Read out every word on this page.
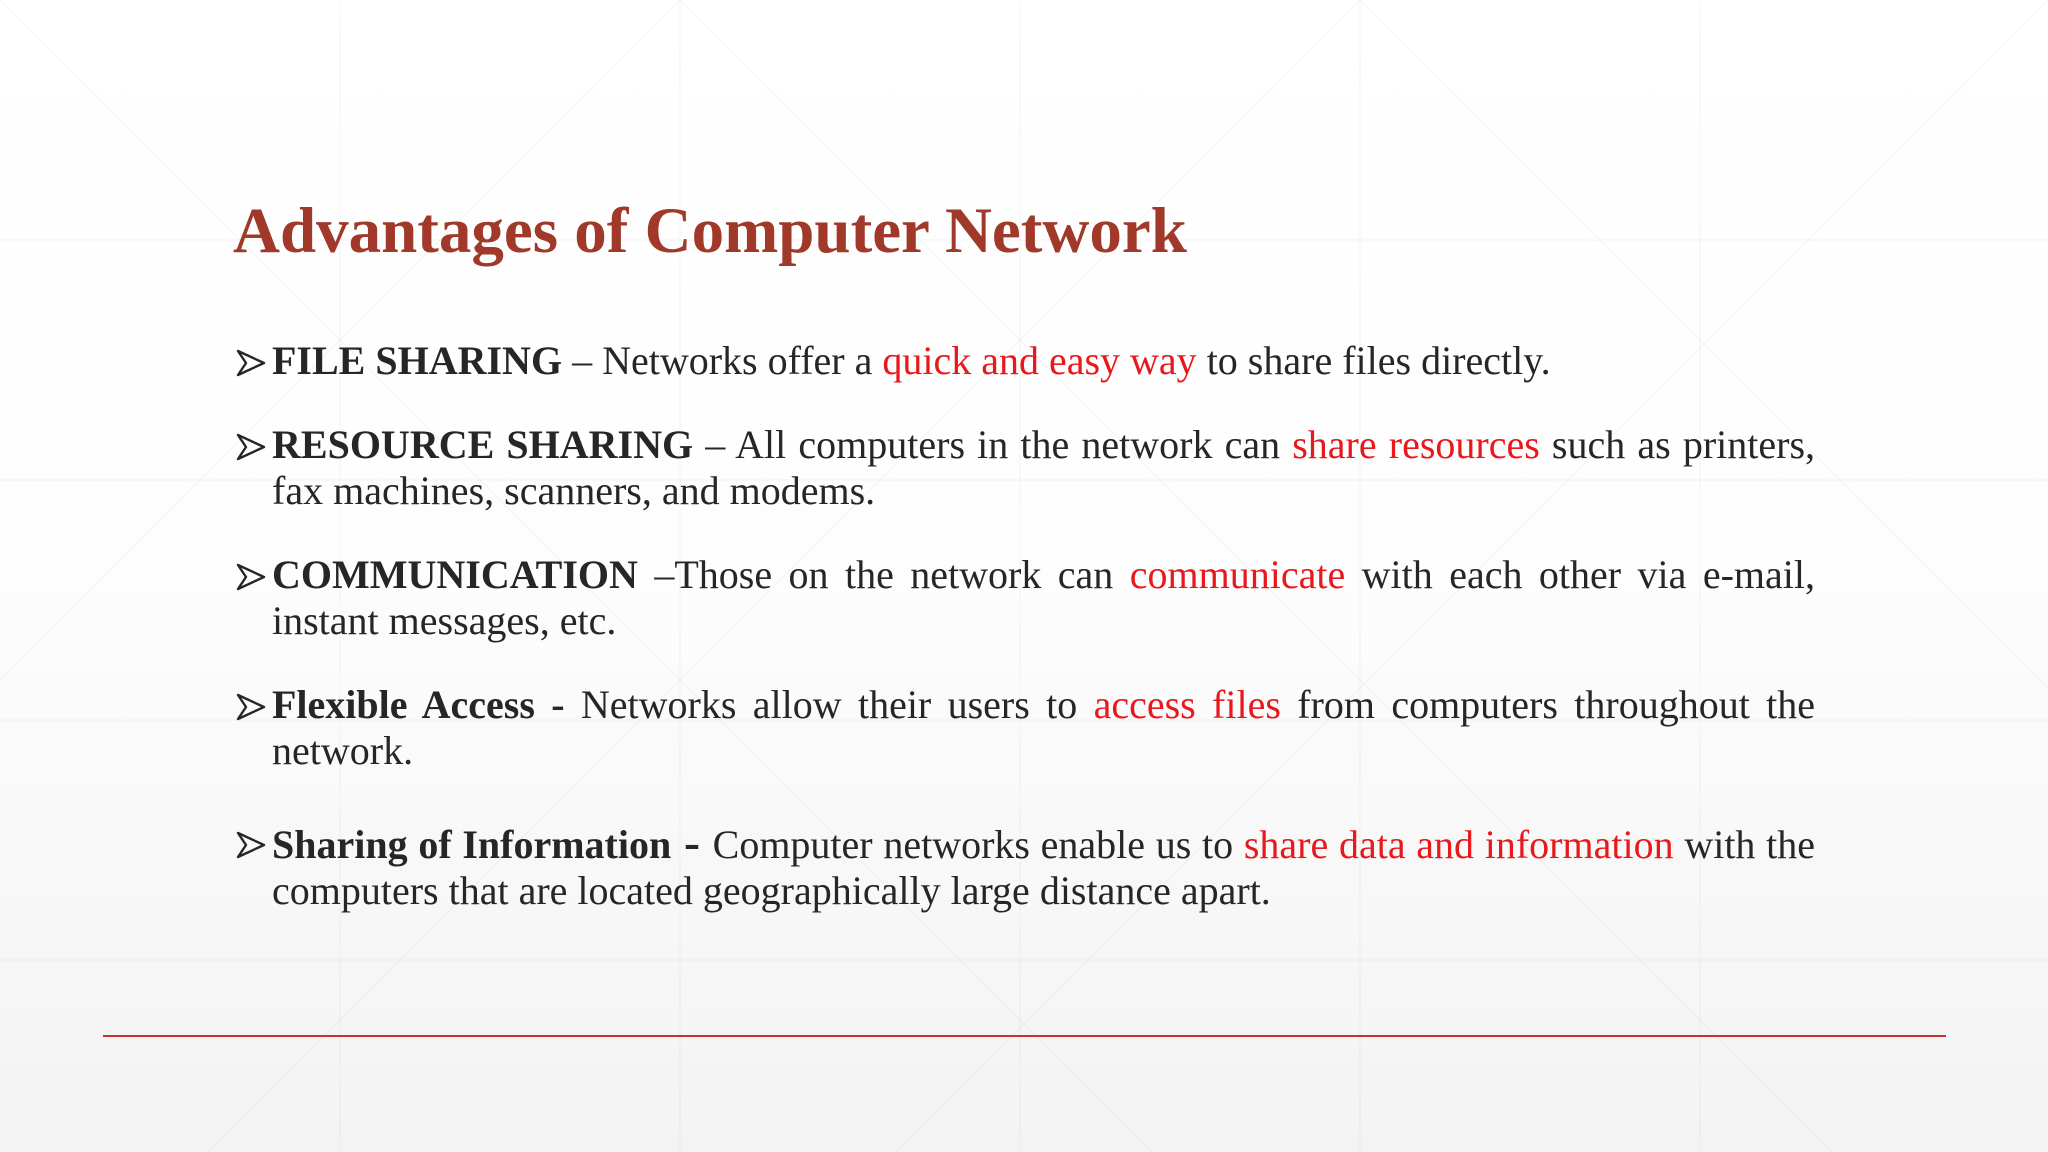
Advantages of Computer Network
FILE SHARING – Networks offer a quick and easy way to share files directly.
RESOURCE SHARING – All computers in the network can share resources such as printers, fax machines, scanners, and modems.
COMMUNICATION –Those on the network can communicate with each other via e-mail, instant messages, etc.
Flexible Access - Networks allow their users to access files from computers throughout the network.
Sharing of Information - Computer networks enable us to share data and information with the computers that are located geographically large distance apart.
